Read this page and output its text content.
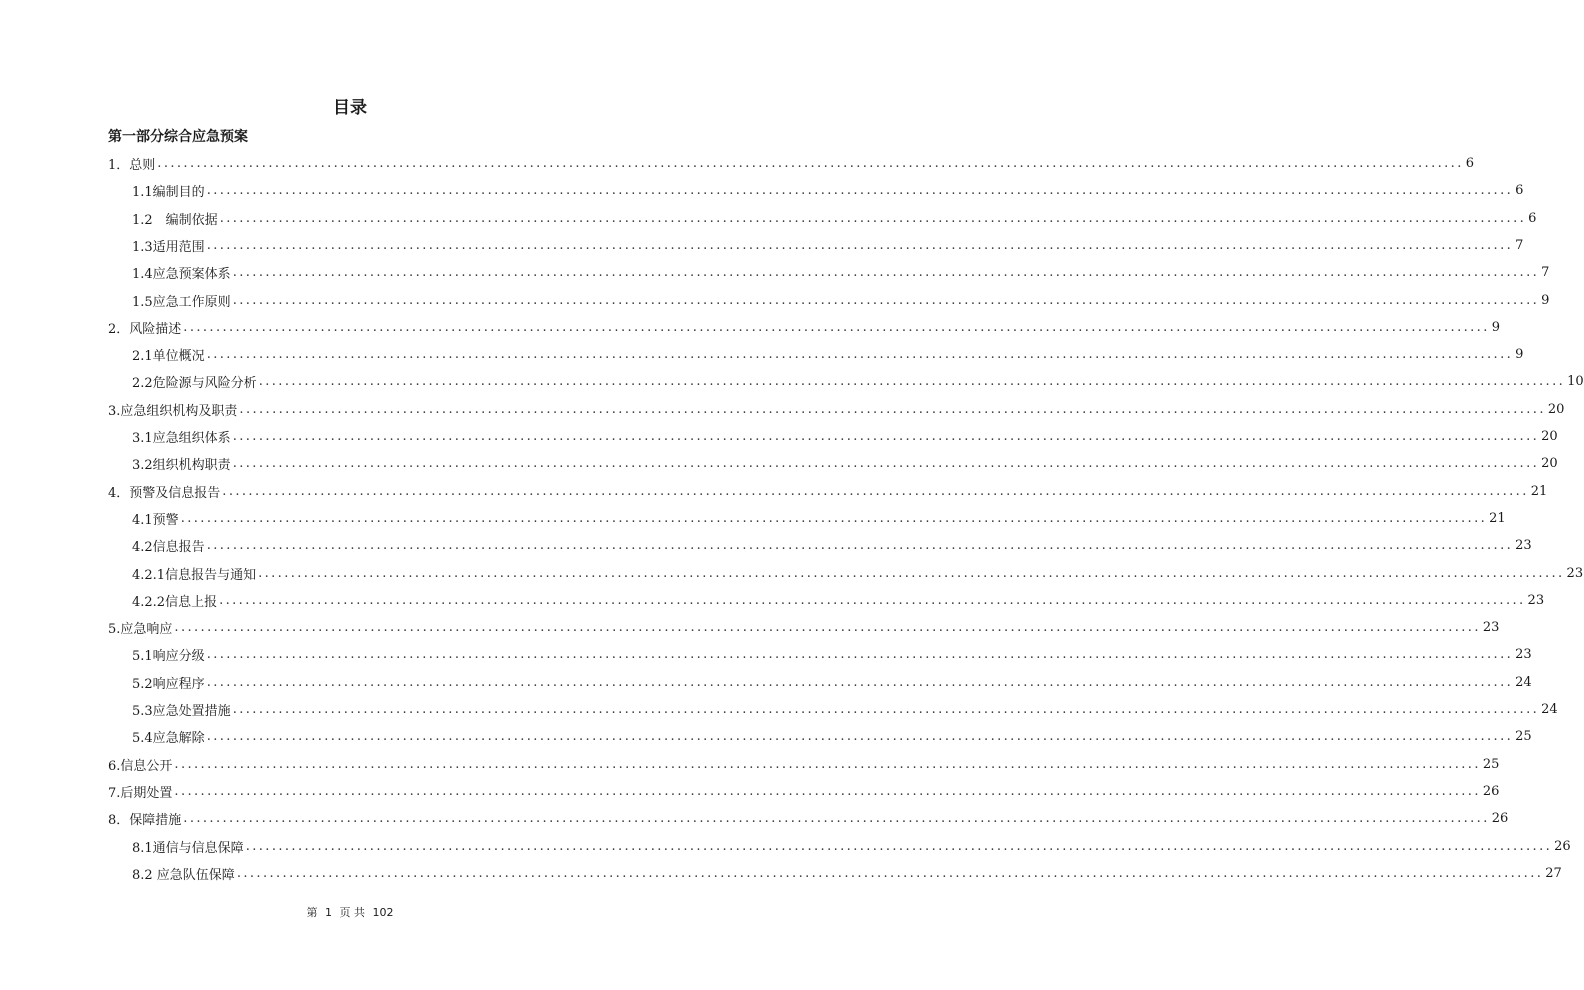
目录
第一部分综合应急预案
1．总则 ........................................................................................................................................................................................................ 6
1.1编制目的 ........................................................................................................................................................................................................ 6
1.2　编制依据 ........................................................................................................................................................................................................ 6
1.3适用范围 ........................................................................................................................................................................................................ 7
1.4应急预案体系 ........................................................................................................................................................................................................ 7
1.5应急工作原则 ........................................................................................................................................................................................................ 9
2．风险描述 ........................................................................................................................................................................................................ 9
2.1单位概况 ........................................................................................................................................................................................................ 9
2.2危险源与风险分析 ........................................................................................................................................................................................................ 10
3.应急组织机构及职责 ........................................................................................................................................................................................................ 20
3.1应急组织体系 ........................................................................................................................................................................................................ 20
3.2组织机构职责 ........................................................................................................................................................................................................ 20
4．预警及信息报告 ........................................................................................................................................................................................................ 21
4.1预警 ........................................................................................................................................................................................................ 21
4.2信息报告 ........................................................................................................................................................................................................ 23
4.2.1信息报告与通知 ........................................................................................................................................................................................................ 23
4.2.2信息上报 ........................................................................................................................................................................................................ 23
5.应急响应 ........................................................................................................................................................................................................ 23
5.1响应分级 ........................................................................................................................................................................................................ 23
5.2响应程序 ........................................................................................................................................................................................................ 24
5.3应急处置措施 ........................................................................................................................................................................................................ 24
5.4应急解除 ........................................................................................................................................................................................................ 25
6.信息公开 ........................................................................................................................................................................................................ 25
7.后期处置 ........................................................................................................................................................................................................ 26
8．保障措施 ........................................................................................................................................................................................................ 26
8.1通信与信息保障 ........................................................................................................................................................................................................ 26
8.2 应急队伍保障 ........................................................................................................................................................................................................ 27
第 1 页 共 102
